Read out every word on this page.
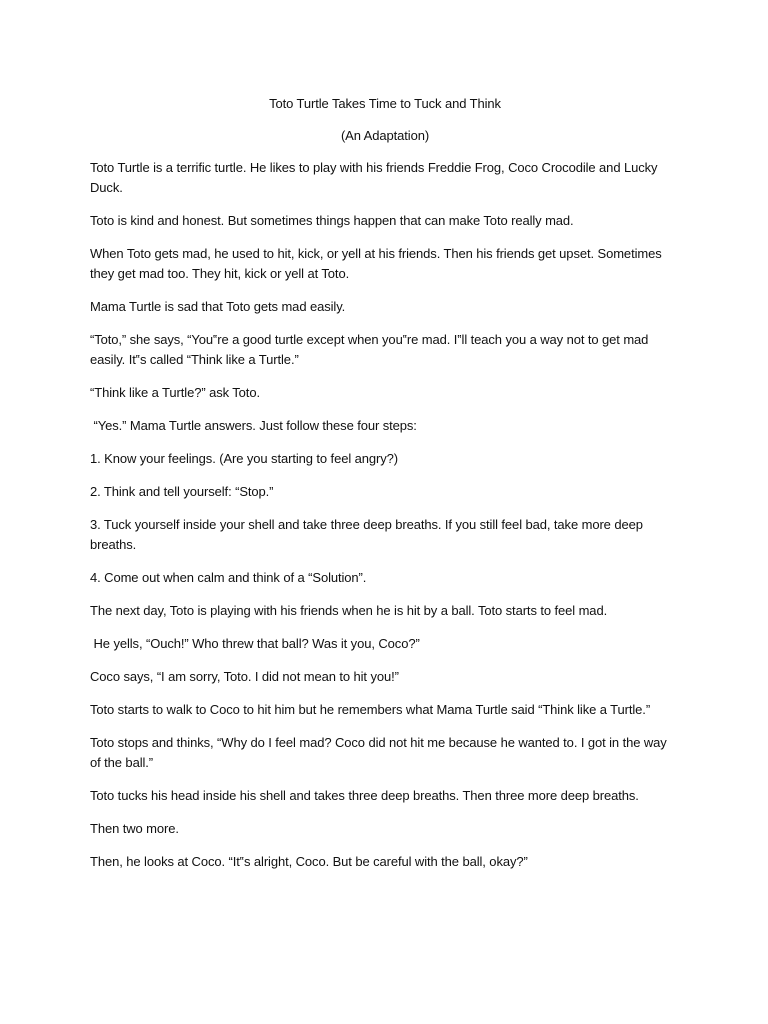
Toto Turtle Takes Time to Tuck and Think
(An Adaptation)

Toto Turtle is a terrific turtle. He likes to play with his friends Freddie Frog, Coco Crocodile and Lucky Duck.

Toto is kind and honest. But sometimes things happen that can make Toto really mad.

When Toto gets mad, he used to hit, kick, or yell at his friends. Then his friends get upset. Sometimes they get mad too. They hit, kick or yell at Toto.

Mama Turtle is sad that Toto gets mad easily.

“Toto,” she says, “You‟re a good turtle except when you‟re mad. I‟ll teach you a way not to get mad easily. It‟s called “Think like a Turtle.”

“Think like a Turtle?” ask Toto.

“Yes.” Mama Turtle answers. Just follow these four steps:

1. Know your feelings. (Are you starting to feel angry?)

2. Think and tell yourself: “Stop.”

3. Tuck yourself inside your shell and take three deep breaths. If you still feel bad, take more deep breaths.

4. Come out when calm and think of a “Solution”.

The next day, Toto is playing with his friends when he is hit by a ball. Toto starts to feel mad.

He yells, “Ouch!” Who threw that ball? Was it you, Coco?”

Coco says, “I am sorry, Toto. I did not mean to hit you!”

Toto starts to walk to Coco to hit him but he remembers what Mama Turtle said “Think like a Turtle.”

Toto stops and thinks, “Why do I feel mad? Coco did not hit me because he wanted to. I got in the way of the ball.”

Toto tucks his head inside his shell and takes three deep breaths. Then three more deep breaths.

Then two more.

Then, he looks at Coco. “It‟s alright, Coco. But be careful with the ball, okay?”
